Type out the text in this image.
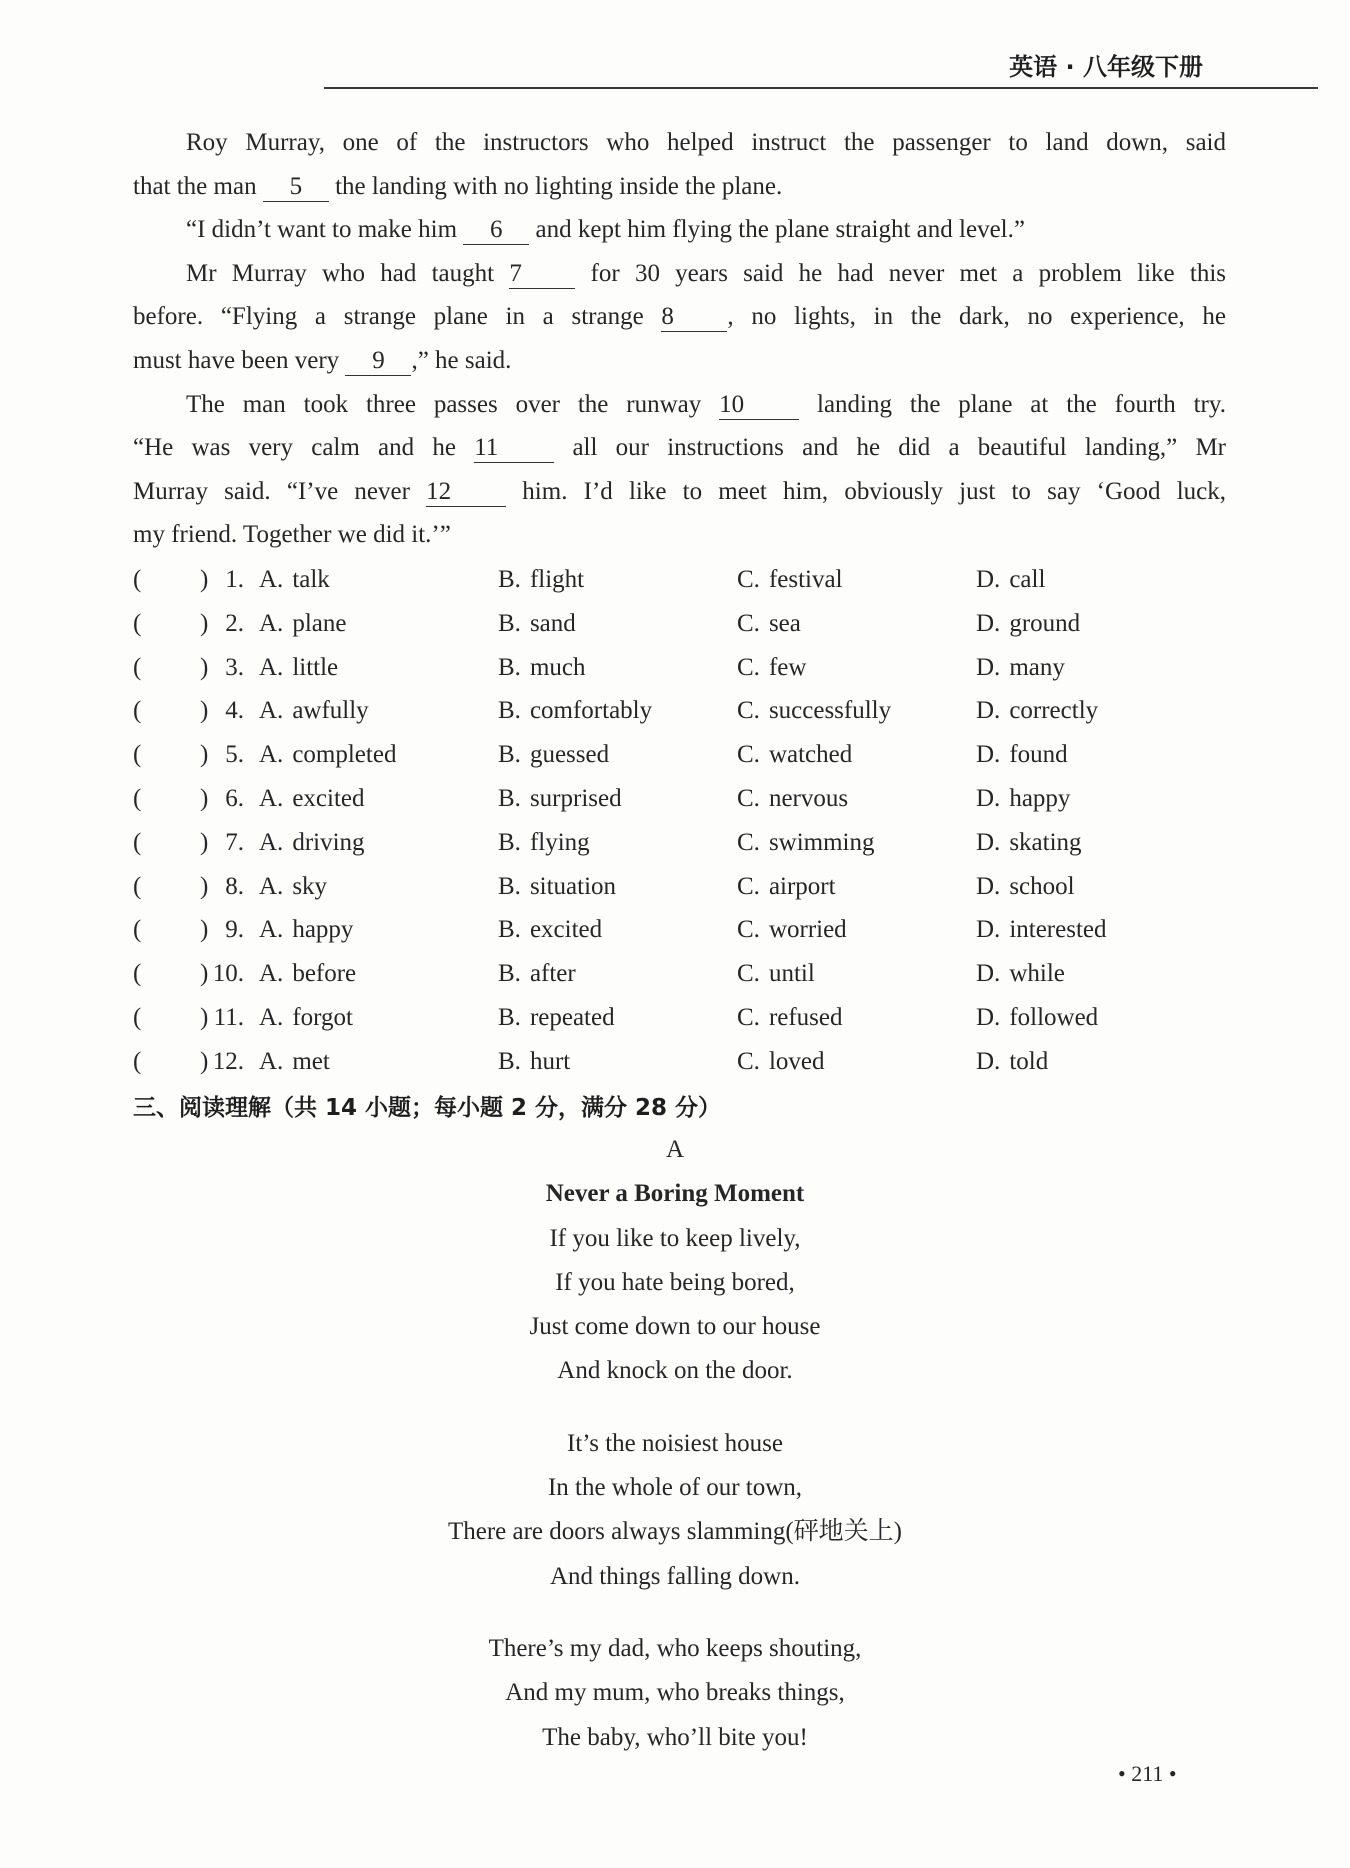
英语 · 八年级下册
Roy Murray, one of the instructors who helped instruct the passenger to land down, said
that the man 5 the landing with no lighting inside the plane.
“I didn’t want to make him 6 and kept him flying the plane straight and level.”
Mr Murray who had taught 7 for 30 years said he had never met a problem like this
before. “Flying a strange plane in a strange 8 , no lights, in the dark, no experience, he
must have been very 9 ,” he said.
The man took three passes over the runway 10 landing the plane at the fourth try.
“He was very calm and he 11 all our instructions and he did a beautiful landing,” Mr
Murray said. “I’ve never 12 him. I’d like to meet him, obviously just to say ‘Good luck,
my friend. Together we did it.’”
( ) 1. A. talk	B. flight	C. festival	D. call
( ) 2. A. plane	B. sand	C. sea	D. ground
( ) 3. A. little	B. much	C. few	D. many
( ) 4. A. awfully	B. comfortably	C. successfully	D. correctly
( ) 5. A. completed	B. guessed	C. watched	D. found
( ) 6. A. excited	B. surprised	C. nervous	D. happy
( ) 7. A. driving	B. flying	C. swimming	D. skating
( ) 8. A. sky	B. situation	C. airport	D. school
( ) 9. A. happy	B. excited	C. worried	D. interested
( ) 10. A. before	B. after	C. until	D. while
( ) 11. A. forgot	B. repeated	C. refused	D. followed
( ) 12. A. met	B. hurt	C. loved	D. told
三、阅读理解（共 14 小题；每小题 2 分，满分 28 分）
A
Never a Boring Moment
If you like to keep lively,
If you hate being bored,
Just come down to our house
And knock on the door.
It’s the noisiest house
In the whole of our town,
There are doors always slamming(砰地关上)
And things falling down.
There’s my dad, who keeps shouting,
And my mum, who breaks things,
The baby, who’ll bite you!
• 211 •
